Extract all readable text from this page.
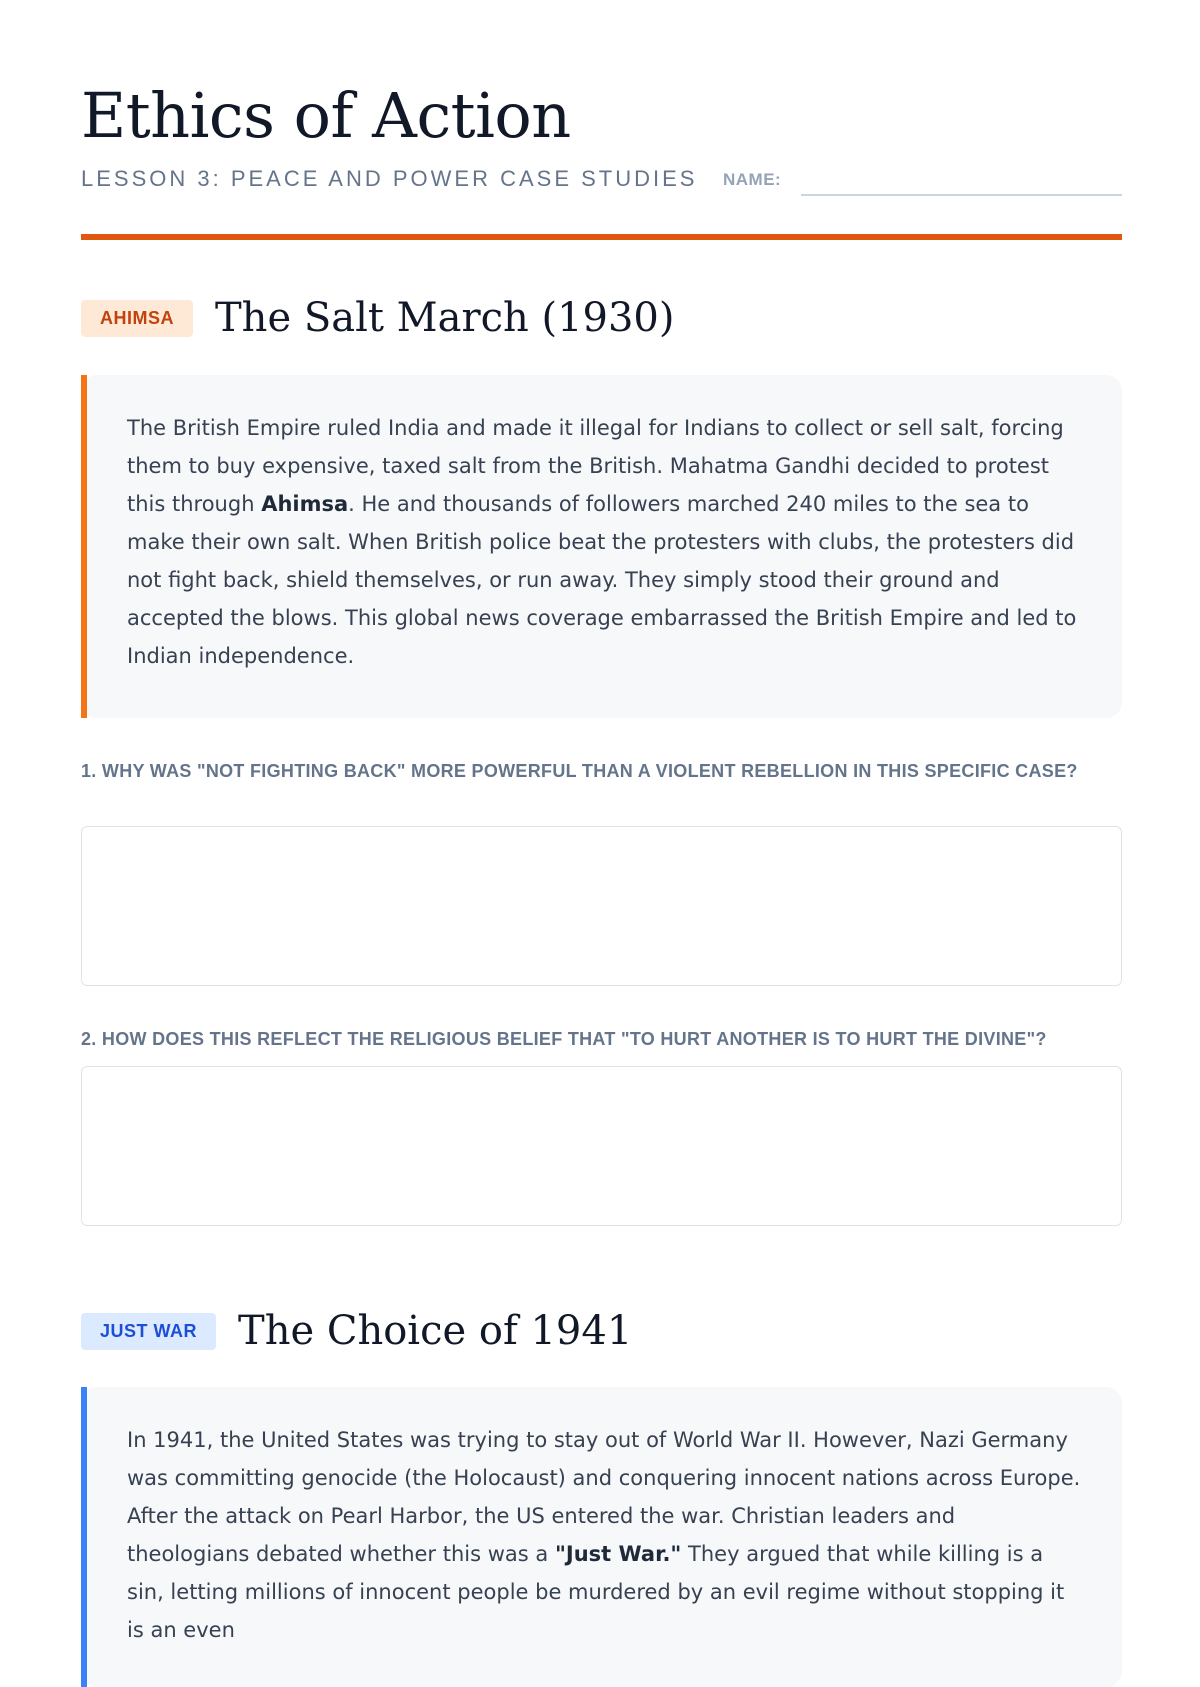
Ethics of Action
LESSON 3: PEACE AND POWER CASE STUDIES NAME:
AHIMSA	The Salt March (1930)

The British Empire ruled India and made it illegal for Indians to collect or sell salt, forcing them to buy expensive, taxed salt from the British. Mahatma Gandhi decided to protest this through Ahimsa. He and thousands of followers marched 240 miles to the sea to make their own salt. When British police beat the protesters with clubs, the protesters did not fight back, shield themselves, or run away. They simply stood their ground and accepted the blows. This global news coverage embarrassed the British Empire and led to Indian independence.

1. WHY WAS "NOT FIGHTING BACK" MORE POWERFUL THAN A VIOLENT REBELLION IN THIS SPECIFIC CASE?
2. HOW DOES THIS REFLECT THE RELIGIOUS BELIEF THAT "TO HURT ANOTHER IS TO HURT THE DIVINE"?
JUST WAR	The Choice of 1941

In 1941, the United States was trying to stay out of World War II. However, Nazi Germany was committing genocide (the Holocaust) and conquering innocent nations across Europe. After the attack on Pearl Harbor, the US entered the war. Christian leaders and theologians debated whether this was a "Just War." They argued that while killing is a sin, letting millions of innocent people be murdered by an evil regime without stopping it is an even
